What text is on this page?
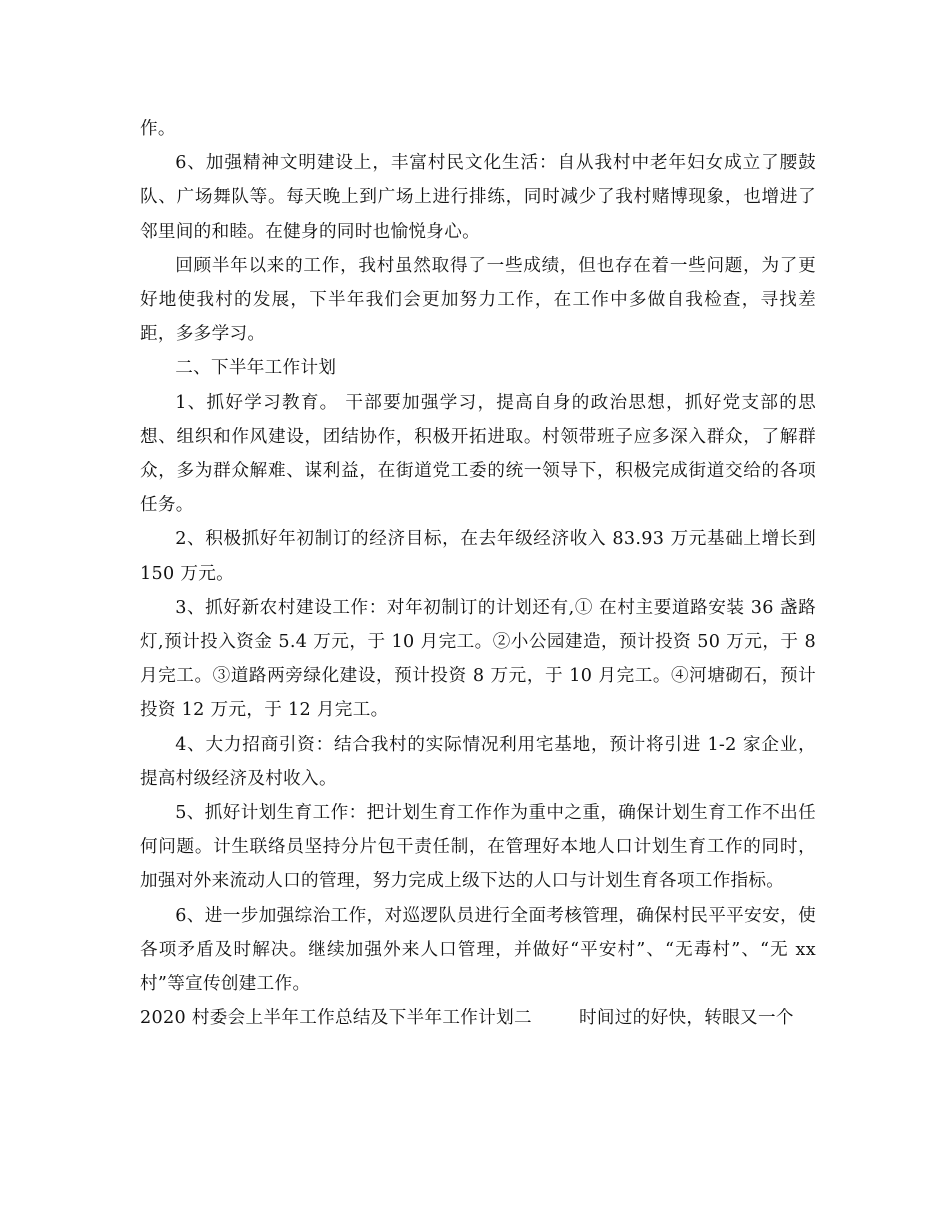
作。

6、加强精神文明建设上，丰富村民文化生活：自从我村中老年妇女成立了腰鼓队、广场舞队等。每天晚上到广场上进行排练，同时减少了我村赌博现象，也增进了邻里间的和睦。在健身的同时也愉悦身心。

回顾半年以来的工作，我村虽然取得了一些成绩，但也存在着一些问题，为了更好地使我村的发展，下半年我们会更加努力工作，在工作中多做自我检查，寻找差距，多多学习。

二、下半年工作计划

1、抓好学习教育。 干部要加强学习，提高自身的政治思想，抓好党支部的思想、组织和作风建设，团结协作，积极开拓进取。村领带班子应多深入群众，了解群众，多为群众解难、谋利益，在街道党工委的统一领导下，积极完成街道交给的各项任务。

2、积极抓好年初制订的经济目标，在去年级经济收入 83.93 万元基础上增长到 150 万元。

3、抓好新农村建设工作：对年初制订的计划还有,① 在村主要道路安装 36 盏路灯,预计投入资金 5.4 万元，于 10 月完工。②小公园建造，预计投资 50 万元，于 8 月完工。③道路两旁绿化建设，预计投资 8 万元，于 10 月完工。④河塘砌石，预计投资 12 万元，于 12 月完工。

4、大力招商引资：结合我村的实际情况利用宅基地，预计将引进 1-2 家企业，提高村级经济及村收入。

5、抓好计划生育工作：把计划生育工作作为重中之重，确保计划生育工作不出任何问题。计生联络员坚持分片包干责任制，在管理好本地人口计划生育工作的同时，加强对外来流动人口的管理，努力完成上级下达的人口与计划生育各项工作指标。

6、进一步加强综治工作，对巡逻队员进行全面考核管理，确保村民平平安安，使各项矛盾及时解决。继续加强外来人口管理，并做好“平安村”、“无毒村”、“无 xx 村”等宣传创建工作。

2020 村委会上半年工作总结及下半年工作计划二	时间过的好快，转眼又一个
